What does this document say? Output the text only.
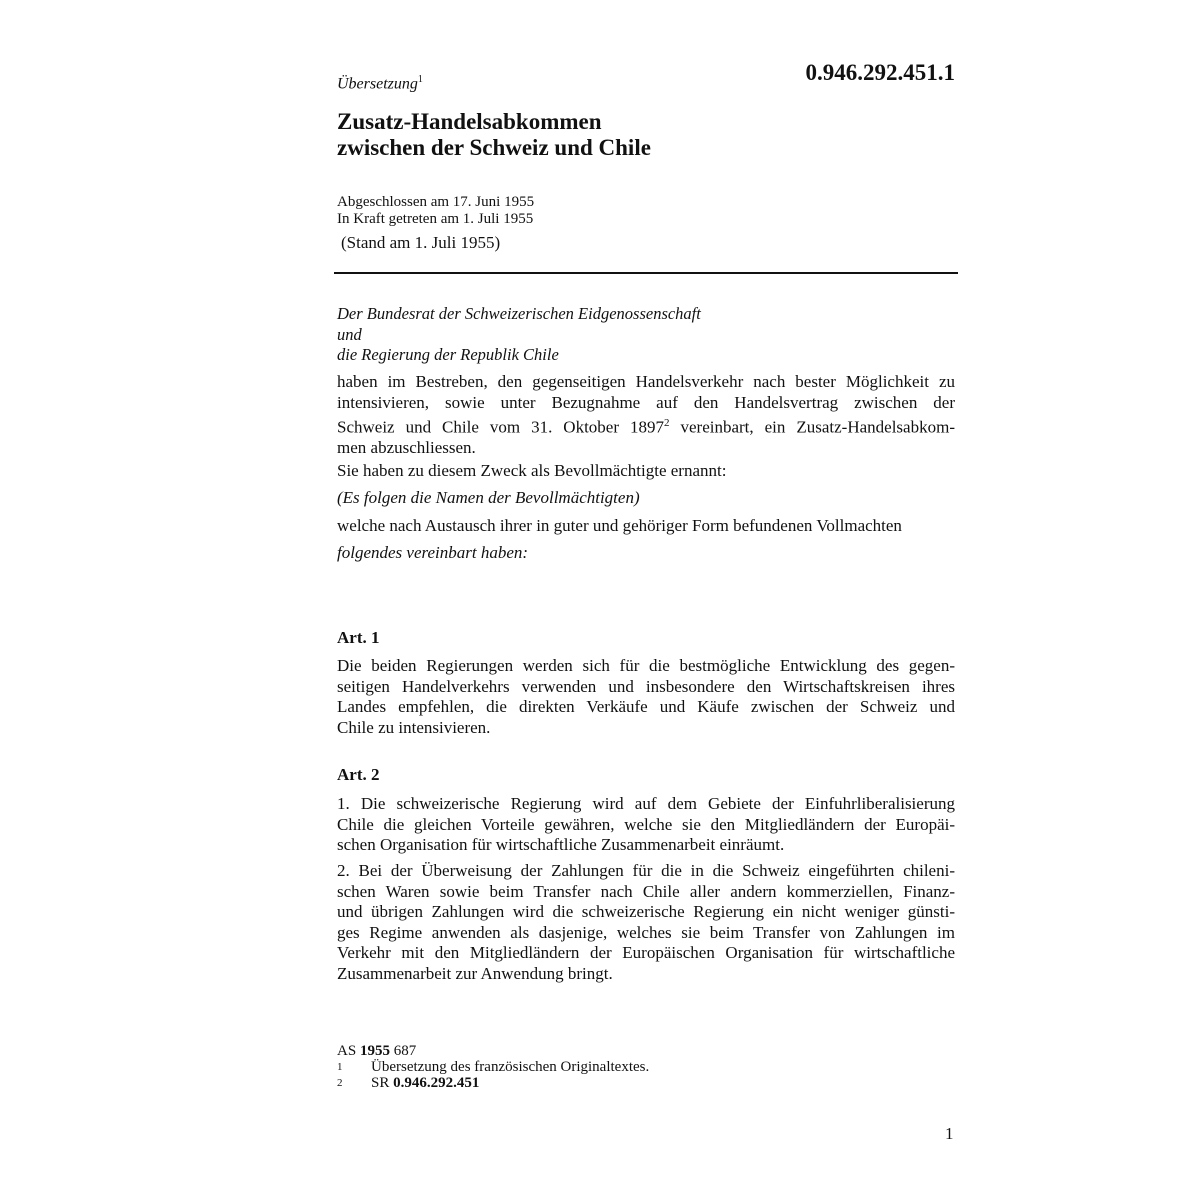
Übersetzung$^1$	0.946.292.451.1
Zusatz-Handelsabkommen
zwischen der Schweiz und Chile
Abgeschlossen am 17. Juni 1955
In Kraft getreten am 1. Juli 1955
(Stand am 1. Juli 1955)
Der Bundesrat der Schweizerischen Eidgenossenschaft
und
die Regierung der Republik Chile
haben im Bestreben, den gegenseitigen Handelsverkehr nach bester Möglichkeit zu
intensivieren, sowie unter Bezugnahme auf den Handelsvertrag zwischen der
Schweiz und Chile vom 31. Oktober 1897$^2$ vereinbart, ein Zusatz-Handelsabkom-
men abzuschliessen.
Sie haben zu diesem Zweck als Bevollmächtigte ernannt:
(Es folgen die Namen der Bevollmächtigten)
welche nach Austausch ihrer in guter und gehöriger Form befundenen Vollmachten
folgendes vereinbart haben:
Art. 1
Die beiden Regierungen werden sich für die bestmögliche Entwicklung des gegen-
seitigen Handelverkehrs verwenden und insbesondere den Wirtschaftskreisen ihres
Landes empfehlen, die direkten Verkäufe und Käufe zwischen der Schweiz und
Chile zu intensivieren.
Art. 2
1. Die schweizerische Regierung wird auf dem Gebiete der Einfuhrliberalisierung
Chile die gleichen Vorteile gewähren, welche sie den Mitgliedländern der Europäi-
schen Organisation für wirtschaftliche Zusammenarbeit einräumt.
2. Bei der Überweisung der Zahlungen für die in die Schweiz eingeführten chileni-
schen Waren sowie beim Transfer nach Chile aller andern kommerziellen, Finanz-
und übrigen Zahlungen wird die schweizerische Regierung ein nicht weniger günsti-
ges Regime anwenden als dasjenige, welches sie beim Transfer von Zahlungen im
Verkehr mit den Mitgliedländern der Europäischen Organisation für wirtschaftliche
Zusammenarbeit zur Anwendung bringt.
AS 1955 687
1	Übersetzung des französischen Originaltextes.
2	SR 0.946.292.451
1
